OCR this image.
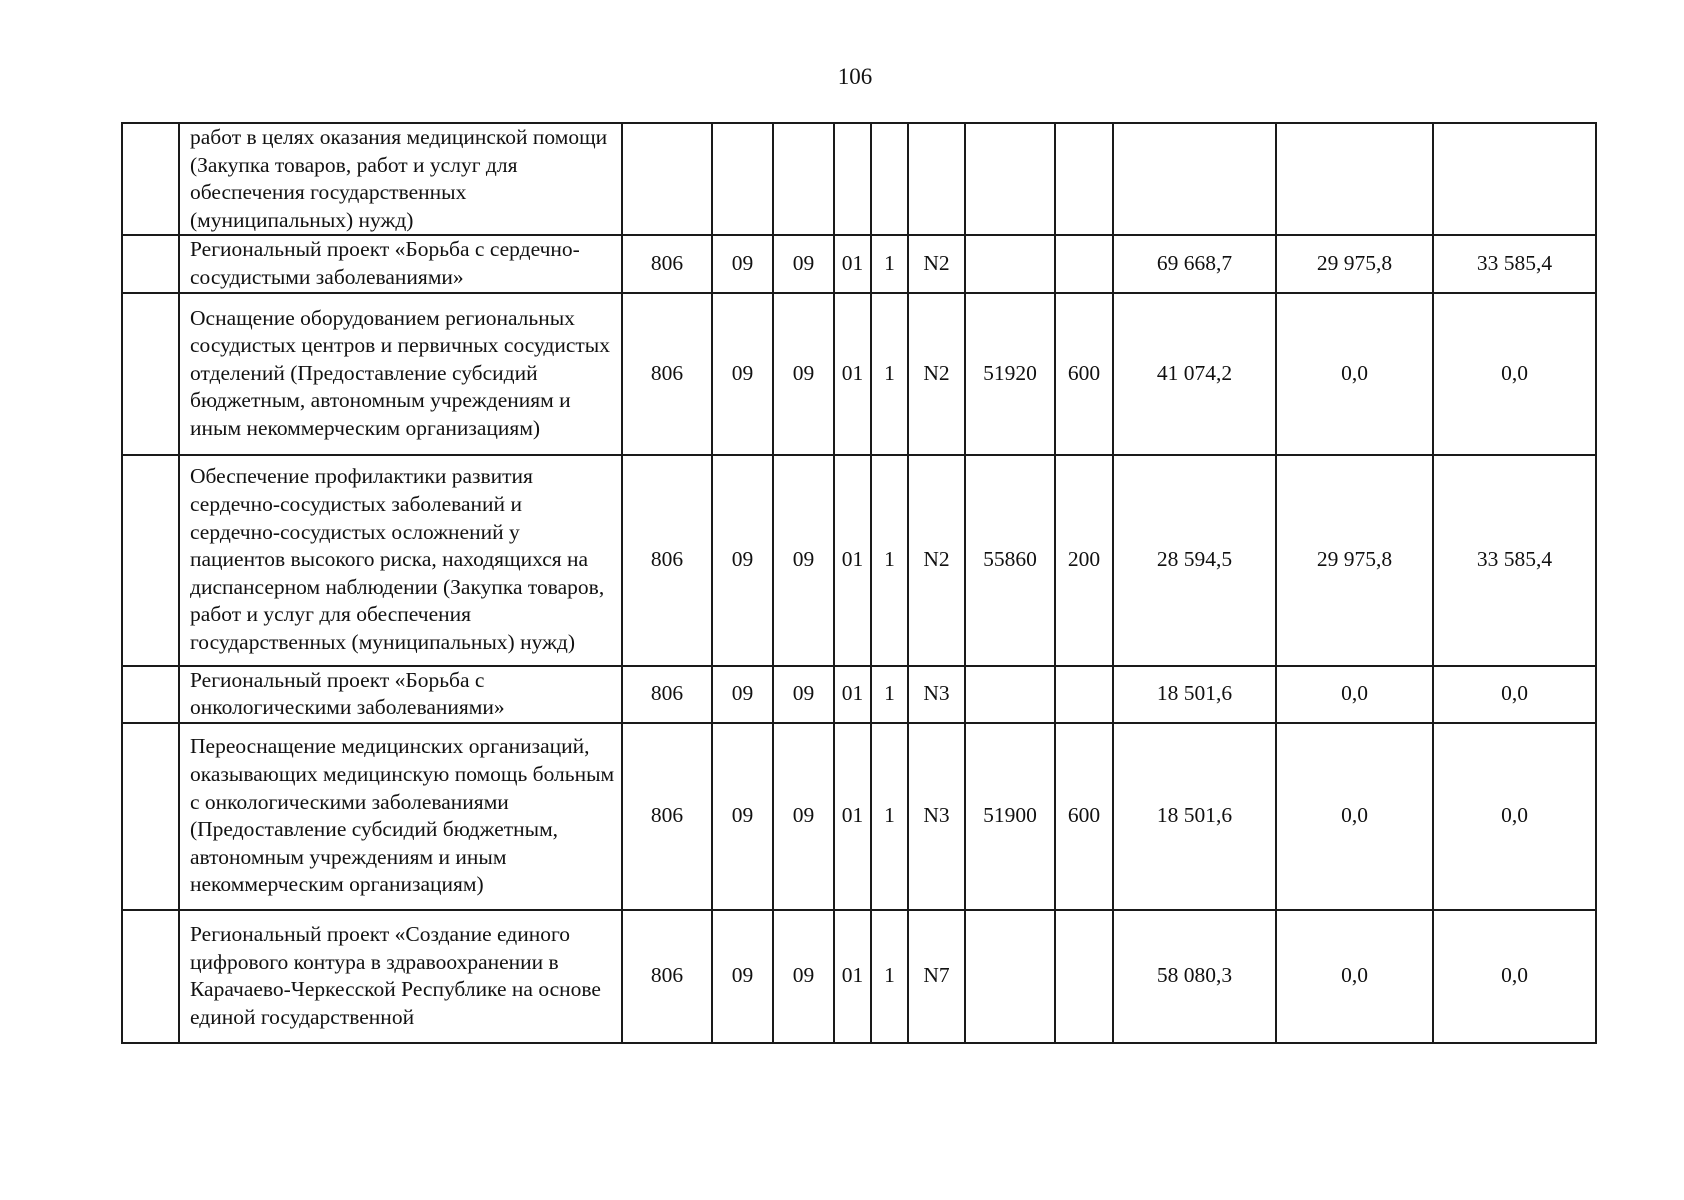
106
	работ в целях оказания медицинской помощи (Закупка товаров, работ и услуг для обеспечения государственных (муниципальных) нужд)											
	Региональный проект «Борьба с сердечно-сосудистыми заболеваниями»	806	09	09	01	1	N2			69 668,7	29 975,8	33 585,4
	Оснащение оборудованием региональных сосудистых центров и первичных сосудистых отделений (Предоставление субсидий бюджетным, автономным учреждениям и иным некоммерческим организациям)	806	09	09	01	1	N2	51920	600	41 074,2	0,0	0,0
	Обеспечение профилактики развития сердечно-сосудистых заболеваний и сердечно-сосудистых осложнений у пациентов высокого риска, находящихся на диспансерном наблюдении (Закупка товаров, работ и услуг для обеспечения государственных (муниципальных) нужд)	806	09	09	01	1	N2	55860	200	28 594,5	29 975,8	33 585,4
	Региональный проект «Борьба с онкологическими заболеваниями»	806	09	09	01	1	N3			18 501,6	0,0	0,0
	Переоснащение медицинских организаций, оказывающих медицинскую помощь больным с онкологическими заболеваниями (Предоставление субсидий бюджетным, автономным учреждениям и иным некоммерческим организациям)	806	09	09	01	1	N3	51900	600	18 501,6	0,0	0,0
	Региональный проект «Создание единого цифрового контура в здравоохранении в Карачаево-Черкесской Республике на основе единой государственной	806	09	09	01	1	N7			58 080,3	0,0	0,0
